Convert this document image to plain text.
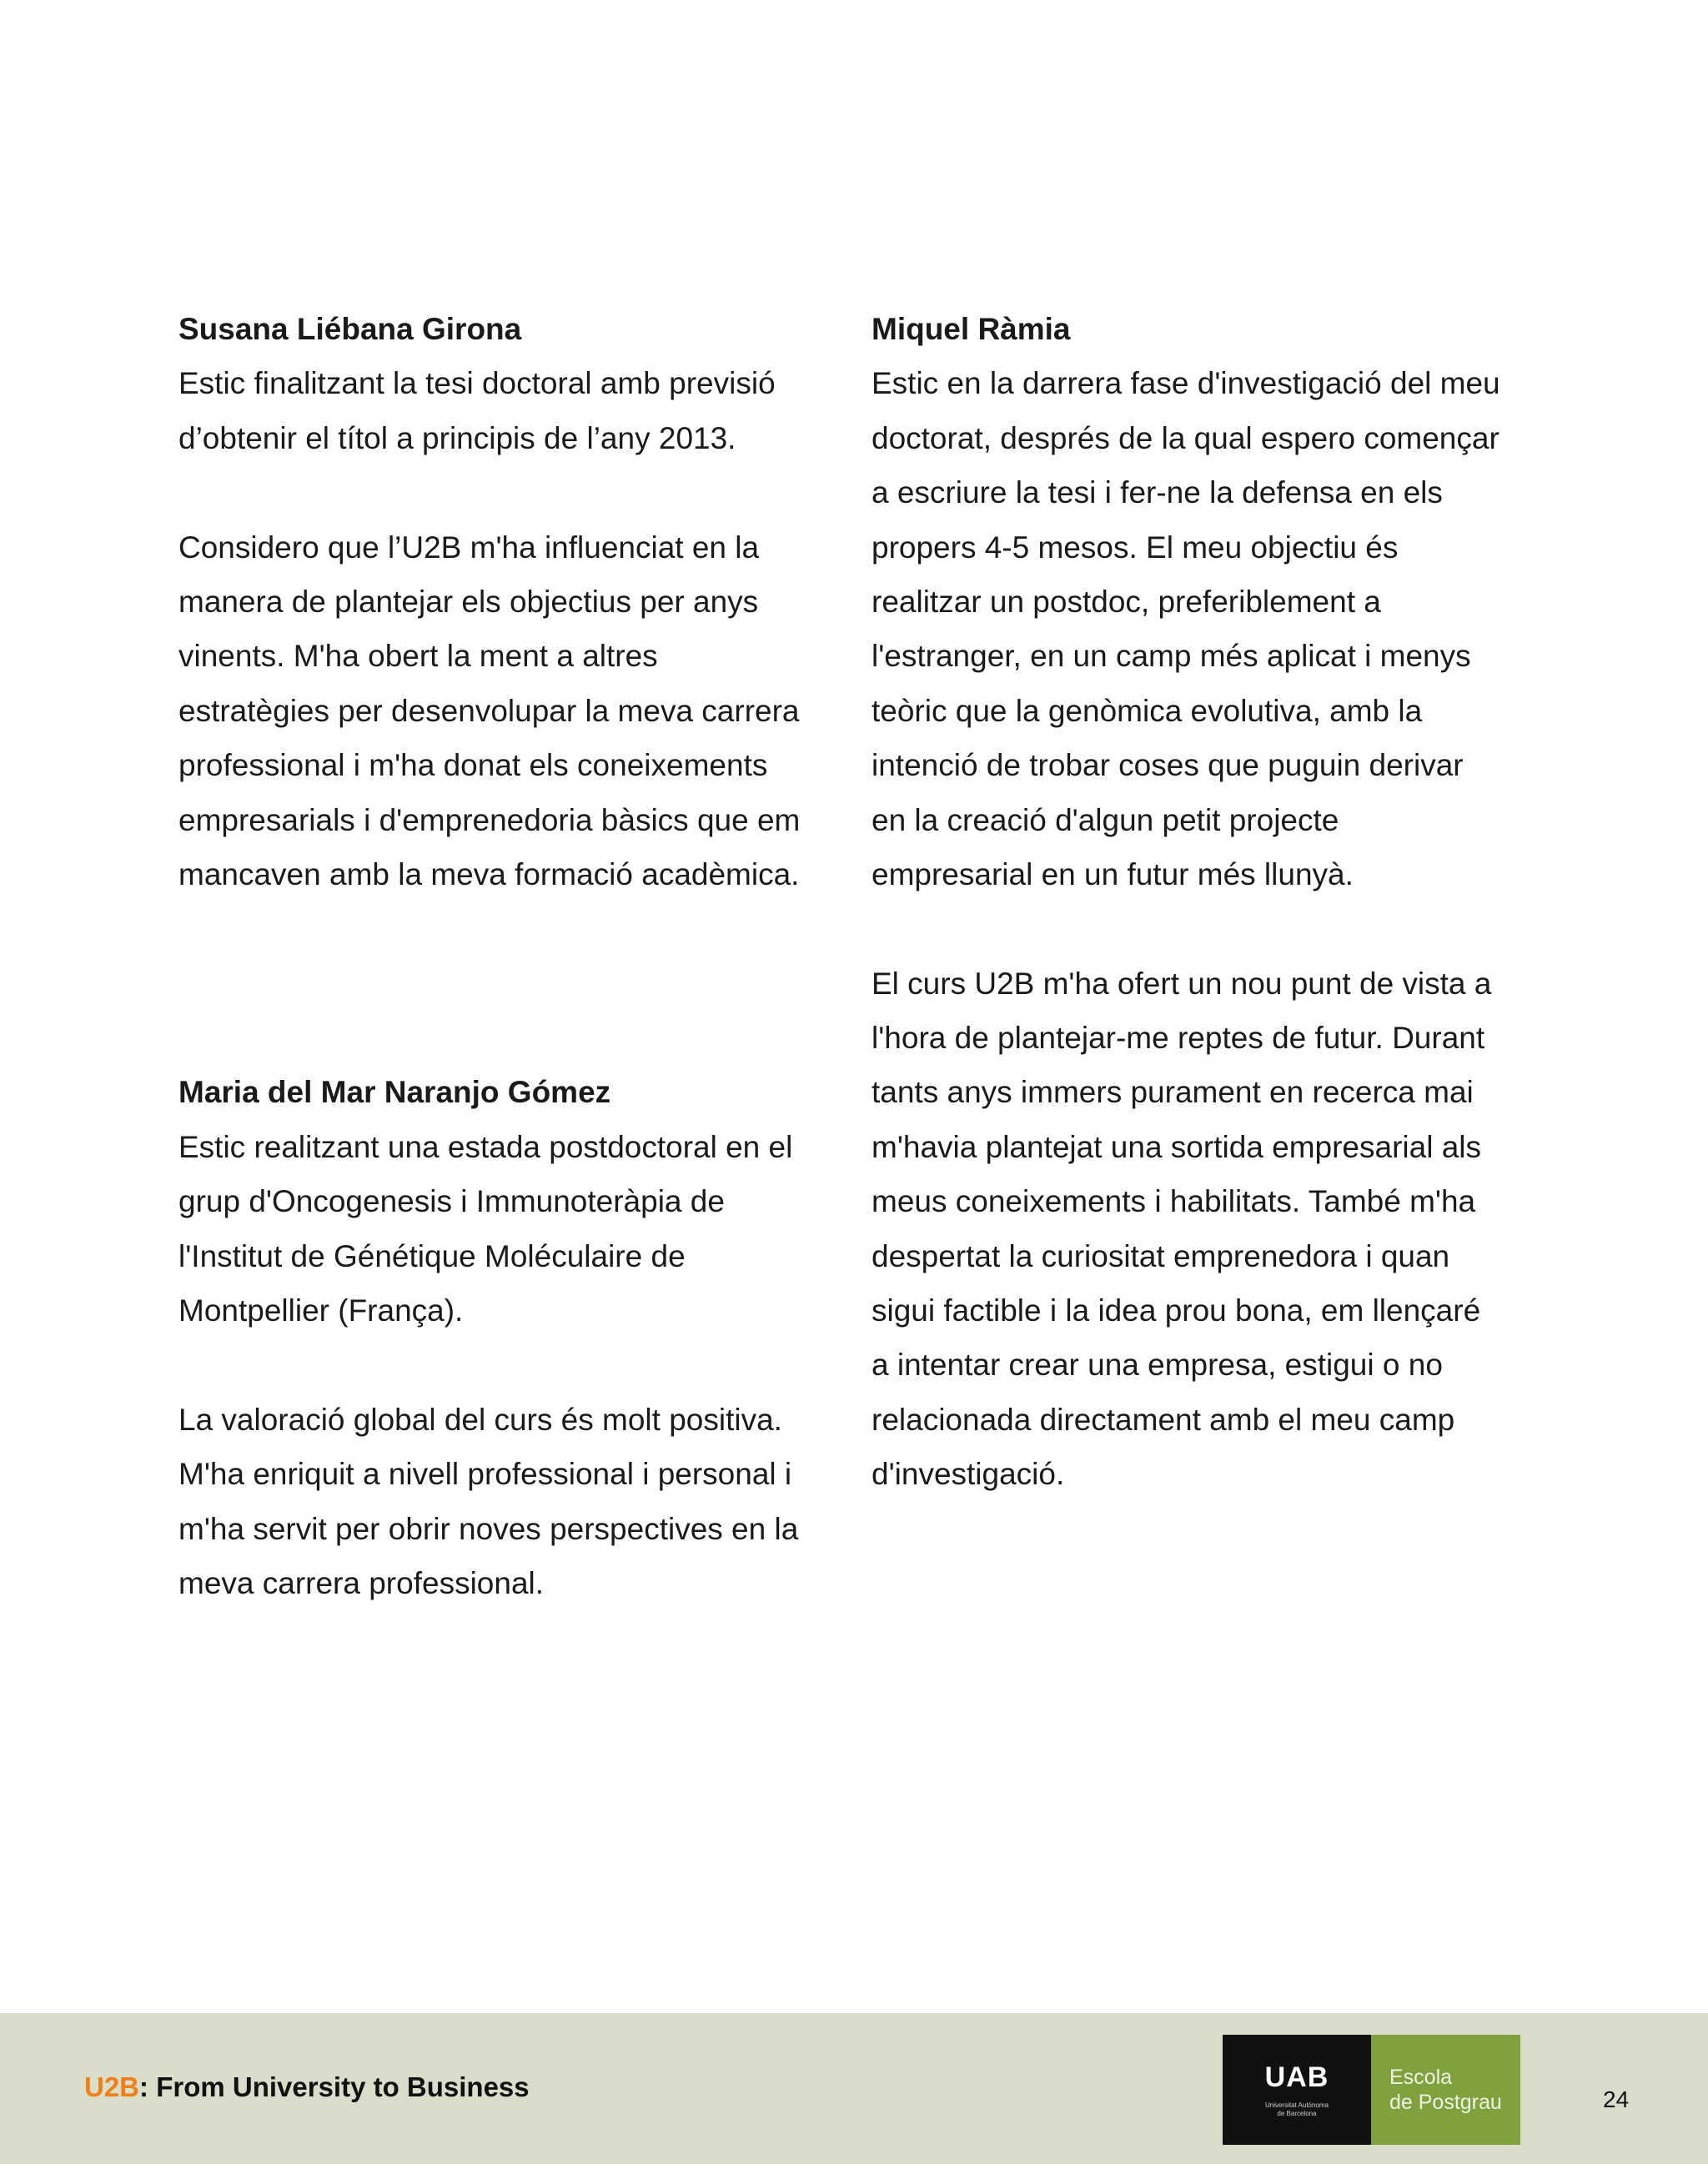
Susana Liébana Girona

Estic finalitzant la tesi doctoral amb previsió

d’obtenir el títol a principis de l’any 2013.

Considero que l’U2B m'ha influenciat en la

manera de plantejar els objectius per anys

vinents. M'ha obert la ment a altres

estratègies per desenvolupar la meva carrera

professional i m'ha donat els coneixements

empresarials i d'emprenedoria bàsics que em

mancaven amb la meva formació acadèmica.

Maria del Mar Naranjo Gómez

Estic realitzant una estada postdoctoral en el

grup d'Oncogenesis i Immunoteràpia de

l'Institut de Génétique Moléculaire de

Montpellier (França).

La valoració global del curs és molt positiva.

M'ha enriquit a nivell professional i personal i

m'ha servit per obrir noves perspectives en la

meva carrera professional.

Miquel Ràmia

Estic en la darrera fase d'investigació del meu

doctorat, després de la qual espero començar

a escriure la tesi i fer-ne la defensa en els

propers 4-5 mesos. El meu objectiu és

realitzar un postdoc, preferiblement a

l'estranger, en un camp més aplicat i menys

teòric que la genòmica evolutiva, amb la

intenció de trobar coses que puguin derivar

en la creació d'algun petit projecte

empresarial en un futur més llunyà.

El curs U2B m'ha ofert un nou punt de vista a

l'hora de plantejar-me reptes de futur. Durant

tants anys immers purament en recerca mai

m'havia plantejat una sortida empresarial als

meus coneixements i habilitats. També m'ha

despertat la curiositat emprenedora i quan

sigui factible i la idea prou bona, em llençaré

a intentar crear una empresa, estigui o no

relacionada directament amb el meu camp

d'investigació.

U2B: From University to Business	UAB
Universitat Autònoma
de Barcelona
Escola
de Postgrau	24
